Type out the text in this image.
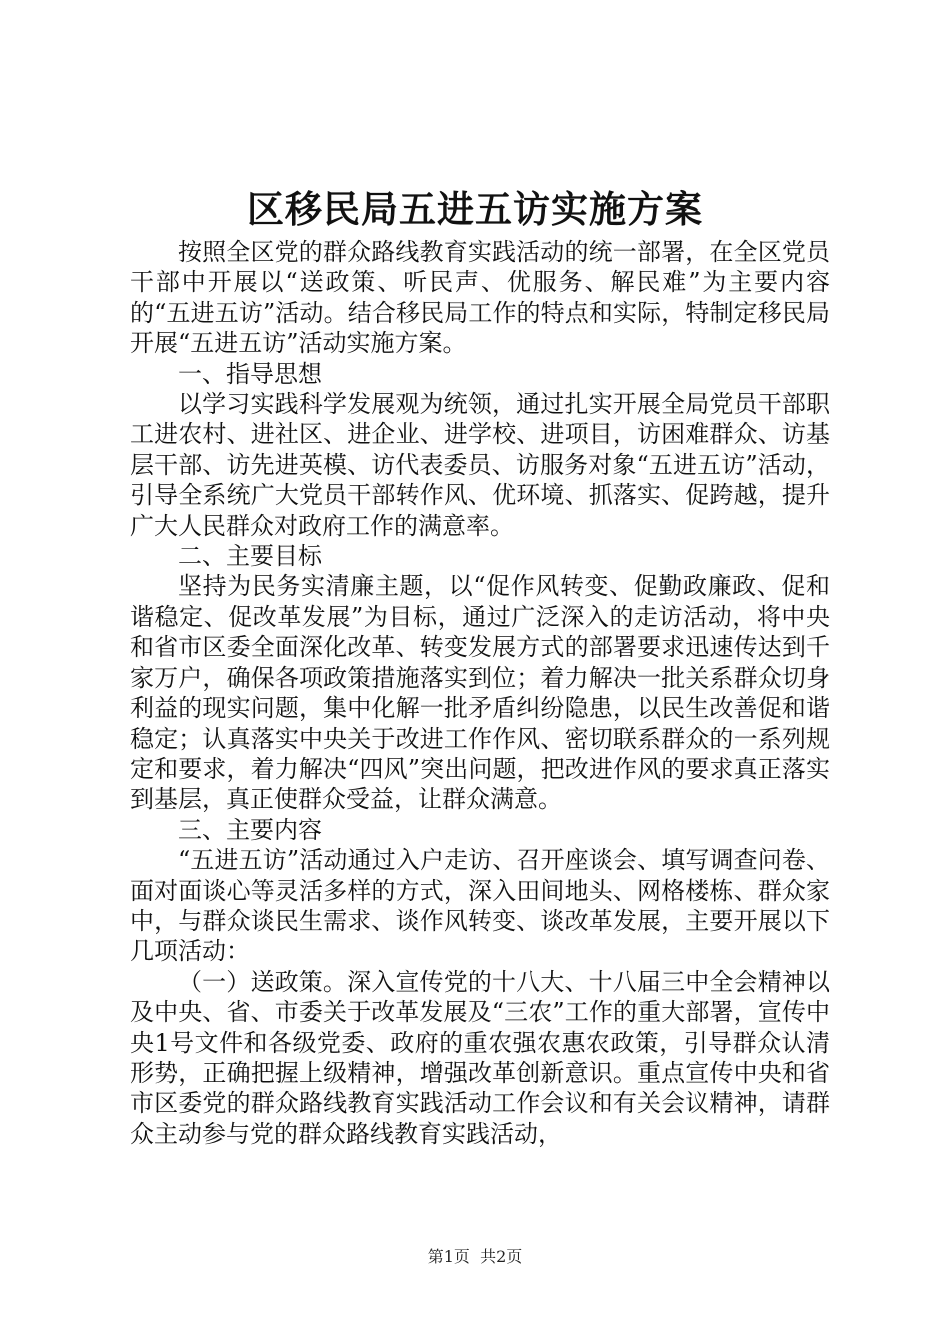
区移民局五进五访实施方案

按照全区党的群众路线教育实践活动的统一部署，在全区党员干部中开展以“送政策、听民声、优服务、解民难”为主要内容的“五进五访”活动。结合移民局工作的特点和实际，特制定移民局开展“五进五访”活动实施方案。

一、指导思想

以学习实践科学发展观为统领，通过扎实开展全局党员干部职工进农村、进社区、进企业、进学校、进项目，访困难群众、访基层干部、访先进英模、访代表委员、访服务对象“五进五访”活动，引导全系统广大党员干部转作风、优环境、抓落实、促跨越，提升广大人民群众对政府工作的满意率。

二、主要目标

坚持为民务实清廉主题，以“促作风转变、促勤政廉政、促和谐稳定、促改革发展”为目标，通过广泛深入的走访活动，将中央和省市区委全面深化改革、转变发展方式的部署要求迅速传达到千家万户，确保各项政策措施落实到位；着力解决一批关系群众切身利益的现实问题，集中化解一批矛盾纠纷隐患，以民生改善促和谐稳定；认真落实中央关于改进工作作风、密切联系群众的一系列规定和要求，着力解决“四风”突出问题，把改进作风的要求真正落实到基层，真正使群众受益，让群众满意。

三、主要内容

“五进五访”活动通过入户走访、召开座谈会、填写调查问卷、面对面谈心等灵活多样的方式，深入田间地头、网格楼栋、群众家中，与群众谈民生需求、谈作风转变、谈改革发展，主要开展以下几项活动：

（一）送政策。深入宣传党的十八大、十八届三中全会精神以及中央、省、市委关于改革发展及“三农”工作的重大部署，宣传中央1号文件和各级党委、政府的重农强农惠农政策，引导群众认清形势，正确把握上级精神，增强改革创新意识。重点宣传中央和省市区委党的群众路线教育实践活动工作会议和有关会议精神，请群众主动参与党的群众路线教育实践活动，

第1页 共2页
